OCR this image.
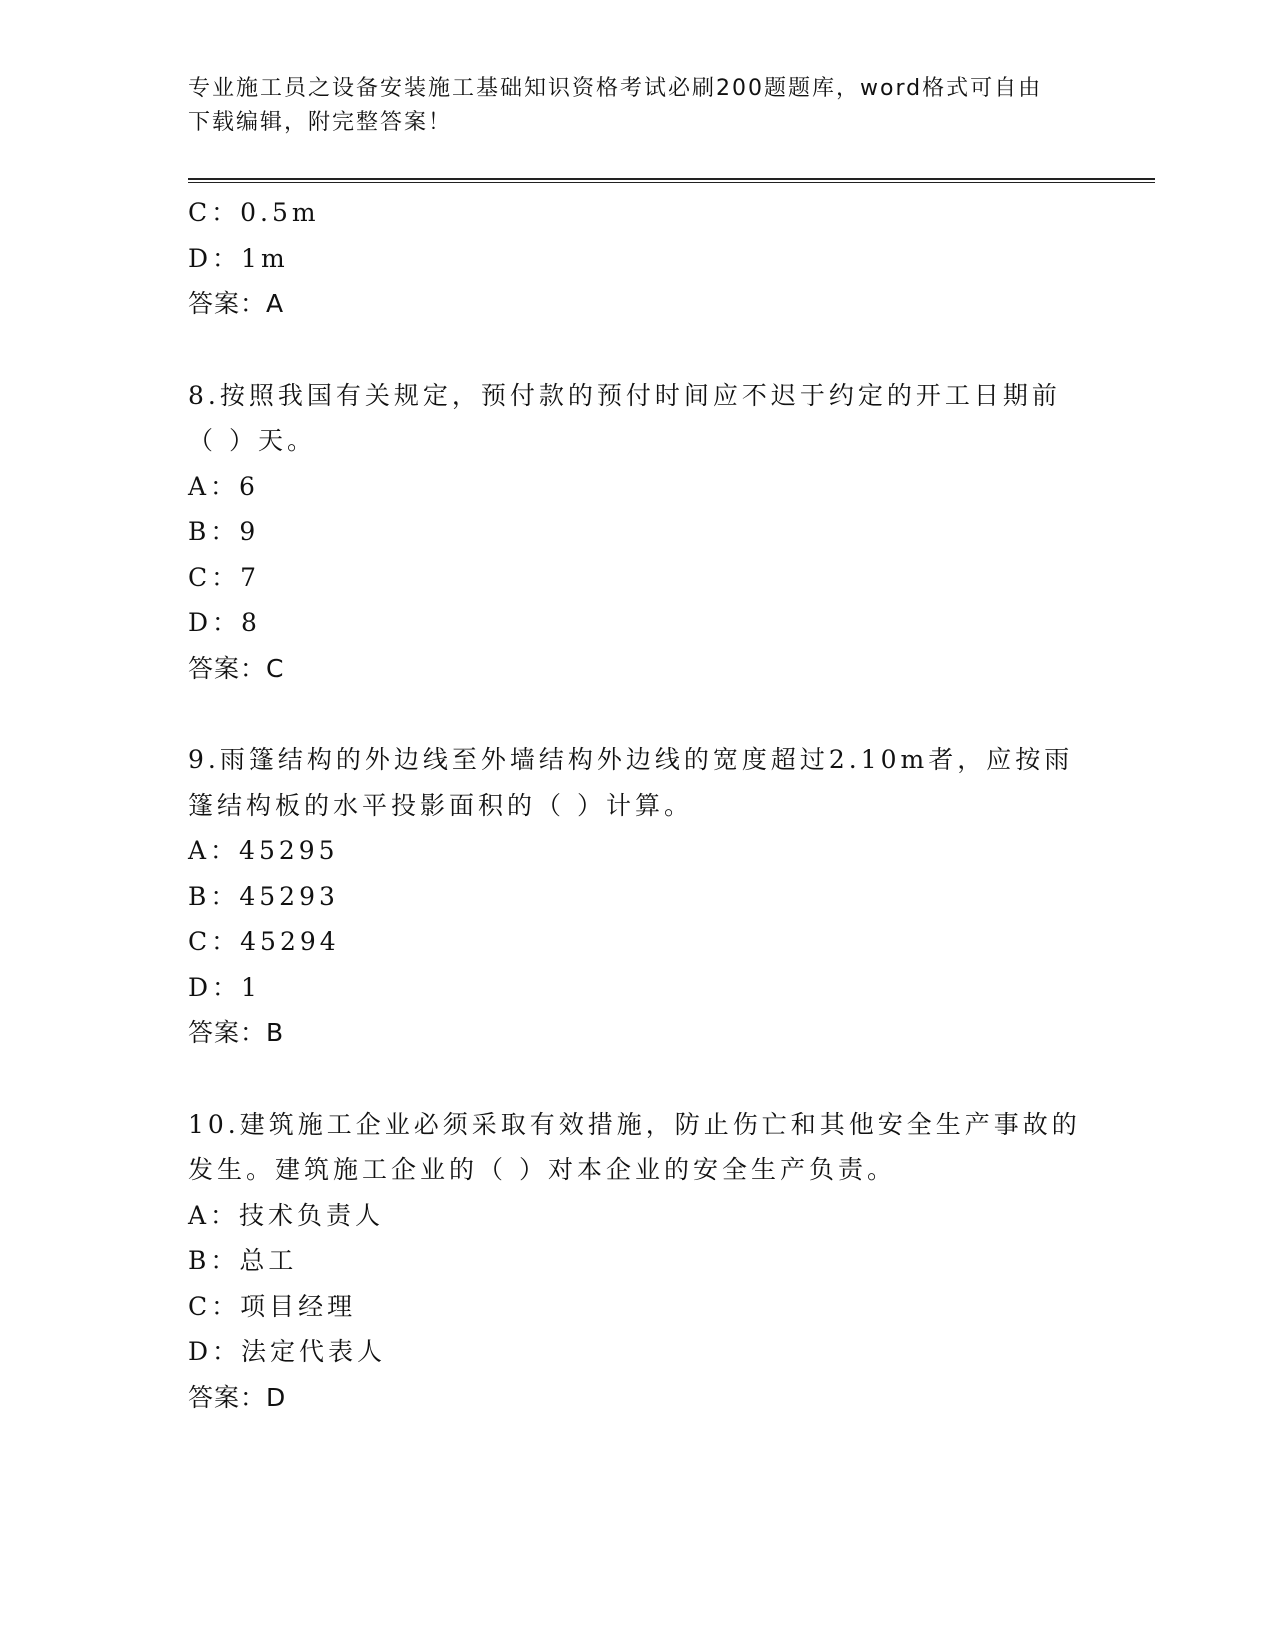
专业施工员之设备安装施工基础知识资格考试必刷200题题库，word格式可自由
下载编辑，附完整答案！
C：0.5m
D：1m
答案：A
8.按照我国有关规定，预付款的预付时间应不迟于约定的开工日期前
（ ）天。
A：6
B：9
C：7
D：8
答案：C
9.雨篷结构的外边线至外墙结构外边线的宽度超过2.10m者，应按雨
篷结构板的水平投影面积的（ ）计算。
A：45295
B：45293
C：45294
D：1
答案：B
10.建筑施工企业必须采取有效措施，防止伤亡和其他安全生产事故的
发生。建筑施工企业的（ ）对本企业的安全生产负责。
A：技术负责人
B：总工
C：项目经理
D：法定代表人
答案：D
